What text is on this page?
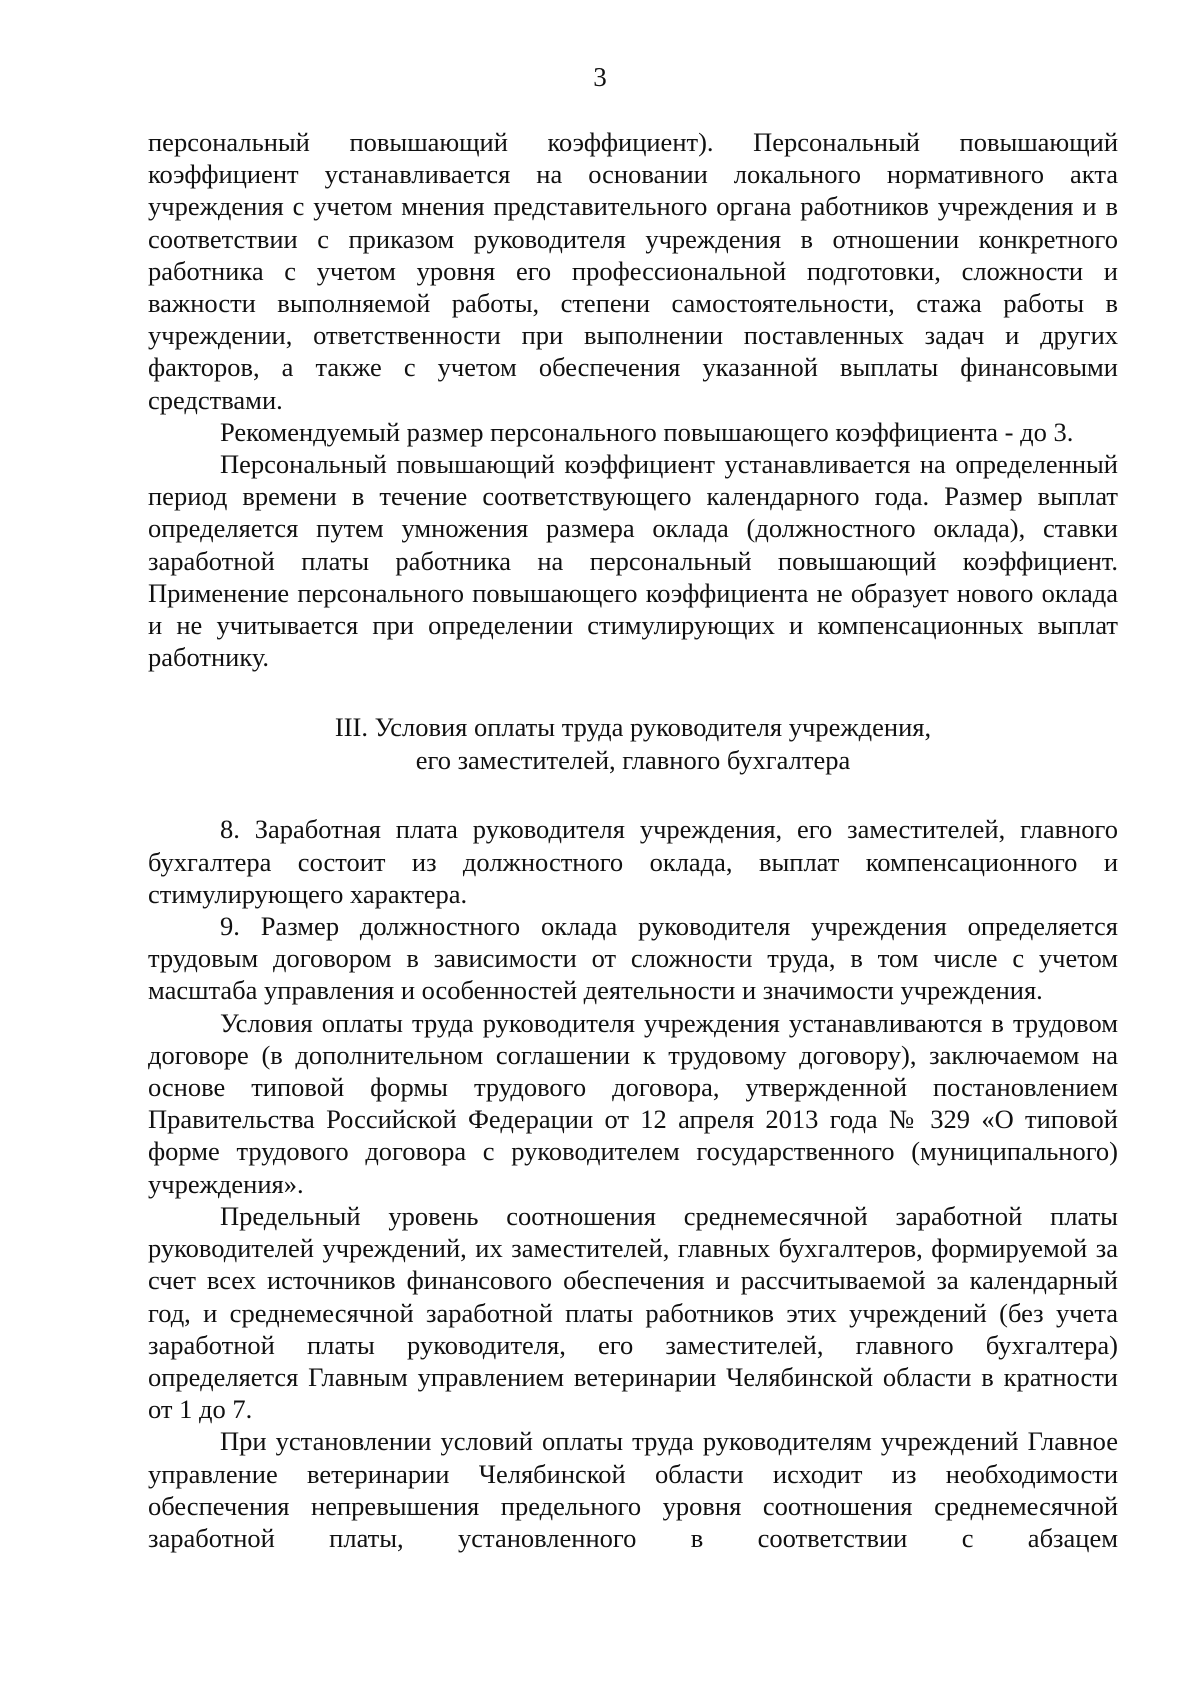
3

персональный повышающий коэффициент). Персональный повышающий коэффициент устанавливается на основании локального нормативного акта учреждения с учетом мнения представительного органа работников учреждения и в соответствии с приказом руководителя учреждения в отношении конкретного работника с учетом уровня его профессиональной подготовки, сложности и важности выполняемой работы, степени самостоятельности, стажа работы в учреждении, ответственности при выполнении поставленных задач и других факторов, а также с учетом обеспечения указанной выплаты финансовыми средствами.

Рекомендуемый размер персонального повышающего коэффициента - до 3.

Персональный повышающий коэффициент устанавливается на определенный период времени в течение соответствующего календарного года. Размер выплат определяется путем умножения размера оклада (должностного оклада), ставки заработной платы работника на персональный повышающий коэффициент. Применение персонального повышающего коэффициента не образует нового оклада и не учитывается при определении стимулирующих и компенсационных выплат работнику.

III. Условия оплаты труда руководителя учреждения,
его заместителей, главного бухгалтера

8. Заработная плата руководителя учреждения, его заместителей, главного бухгалтера состоит из должностного оклада, выплат компенсационного и стимулирующего характера.

9. Размер должностного оклада руководителя учреждения определяется трудовым договором в зависимости от сложности труда, в том числе с учетом масштаба управления и особенностей деятельности и значимости учреждения.

Условия оплаты труда руководителя учреждения устанавливаются в трудовом договоре (в дополнительном соглашении к трудовому договору), заключаемом на основе типовой формы трудового договора, утвержденной постановлением Правительства Российской Федерации от 12 апреля 2013 года № 329 «О типовой форме трудового договора с руководителем государственного (муниципального) учреждения».

Предельный уровень соотношения среднемесячной заработной платы руководителей учреждений, их заместителей, главных бухгалтеров, формируемой за счет всех источников финансового обеспечения и рассчитываемой за календарный год, и среднемесячной заработной платы работников этих учреждений (без учета заработной платы руководителя, его заместителей, главного бухгалтера) определяется Главным управлением ветеринарии Челябинской области в кратности от 1 до 7.

При установлении условий оплаты труда руководителям учреждений Главное управление ветеринарии Челябинской области исходит из необходимости обеспечения непревышения предельного уровня соотношения среднемесячной заработной платы, установленного в соответствии с абзацем
